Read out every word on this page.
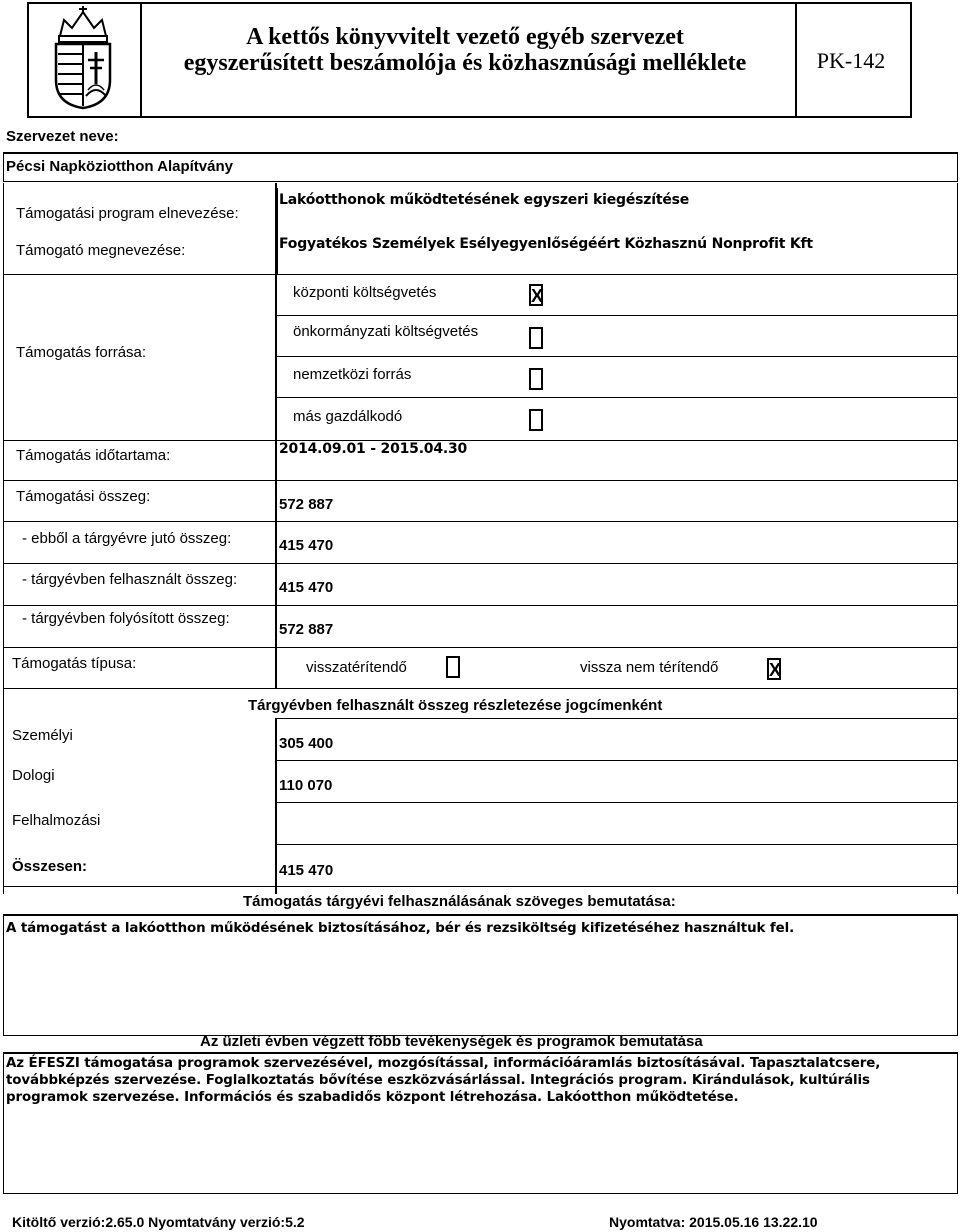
A kettős könyvvitelt vezető egyéb szervezet
egyszerűsített beszámolója és közhasznúsági melléklete	PK-142
Szervezet neve:
Pécsi Napköziotthon Alapítvány
Támogatási program elnevezése:
Lakóotthonok működtetésének egyszeri kiegészítése
Támogató megnevezése:	Fogyatékos Személyek Esélyegyenlőségéért Közhasznú Nonprofit Kft
Támogatás forrása:
központi költségvetés	X
önkormányzati költségvetés
nemzetközi forrás
más gazdálkodó
Támogatás időtartama:	2014.09.01 - 2015.04.30
Támogatási összeg:	572 887
- ebből a tárgyévre jutó összeg:	415 470
- tárgyévben felhasznált összeg:	415 470
- tárgyévben folyósított összeg:
572 887
Támogatás típusa:	visszatérítendő	vissza nem térítendő	X
Tárgyévben felhasznált összeg részletezése jogcímenként
Személyi	305 400
Dologi
110 070
Felhalmozási
Összesen:	415 470
Támogatás tárgyévi felhasználásának szöveges bemutatása:
A támogatást a lakóotthon működésének biztosításához, bér és rezsiköltség kifizetéséhez használtuk fel.
Az üzleti évben végzett főbb tevékenységek és programok bemutatása
Az ÉFESZI támogatása programok szervezésével, mozgósítással, információáramlás biztosításával. Tapasztalatcsere, továbbképzés szervezése. Foglalkoztatás bővítése eszközvásárlással. Integrációs program. Kirándulások, kultúrális programok szervezése. Információs és szabadidős központ létrehozása. Lakóotthon működtetése.
Kitöltő verzió:2.65.0 Nyomtatvány verzió:5.2	Nyomtatva: 2015.05.16 13.22.10
